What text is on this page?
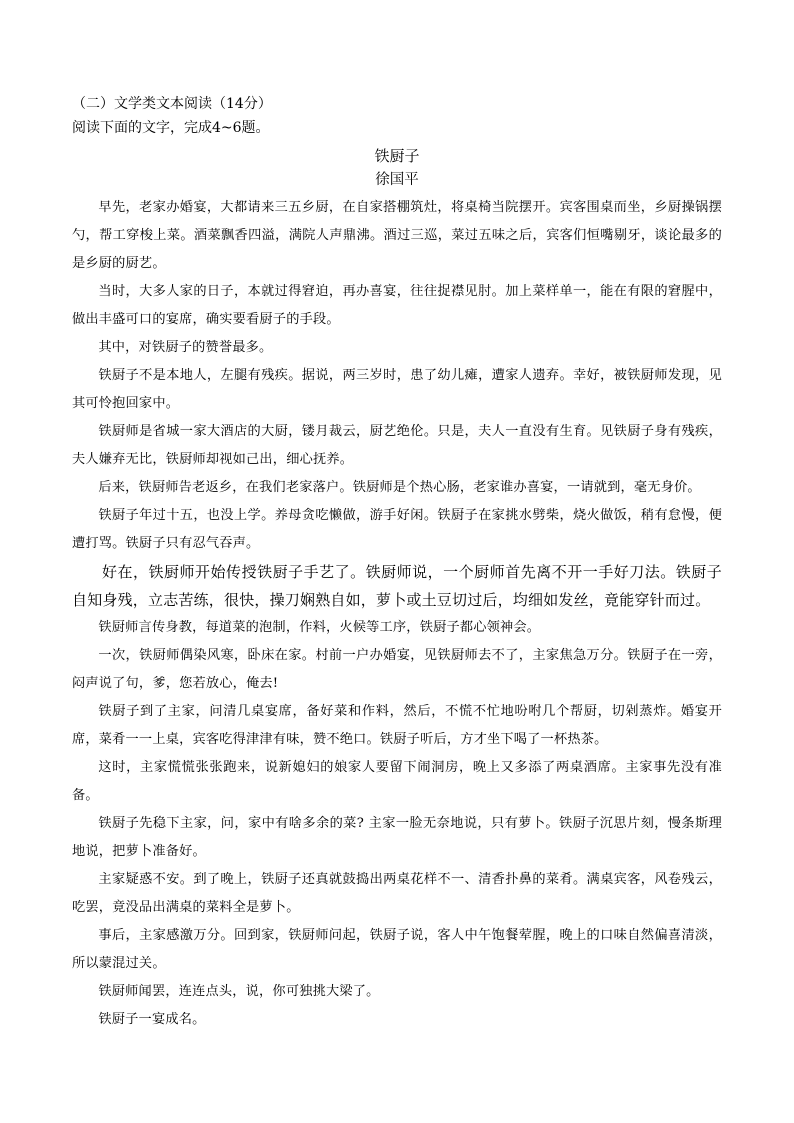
（二）文学类文本阅读（14分）
阅读下面的文字，完成4~6题。
铁厨子
徐国平

早先，老家办婚宴，大都请来三五乡厨，在自家搭棚筑灶，将桌椅当院摆开。宾客围桌而坐，乡厨操锅摆勺，帮工穿梭上菜。酒菜飘香四溢，满院人声鼎沸。酒过三巡，菜过五味之后，宾客们恒嘴剔牙，谈论最多的是乡厨的厨艺。

当时，大多人家的日子，本就过得窘迫，再办喜宴，往往捉襟见肘。加上菜样单一，能在有限的窘腥中，做出丰盛可口的宴席，确实要看厨子的手段。

其中，对铁厨子的赞誉最多。

铁厨子不是本地人，左腿有残疾。据说，两三岁时，患了幼儿瘫，遭家人遗弃。幸好，被铁厨师发现，见其可怜抱回家中。

铁厨师是省城一家大酒店的大厨，镂月裁云，厨艺绝伦。只是，夫人一直没有生育。见铁厨子身有残疾，夫人嫌弃无比，铁厨师却视如己出，细心抚养。

后来，铁厨师告老返乡，在我们老家落户。铁厨师是个热心肠，老家谁办喜宴，一请就到，毫无身价。

铁厨子年过十五，也没上学。养母贪吃懒做，游手好闲。铁厨子在家挑水劈柴，烧火做饭，稍有怠慢，便遭打骂。铁厨子只有忍气吞声。

好在，铁厨师开始传授铁厨子手艺了。铁厨师说，一个厨师首先离不开一手好刀法。铁厨子自知身残，立志苦练，很快，操刀娴熟自如，萝卜或土豆切过后，均细如发丝，竟能穿针而过。

铁厨师言传身教，每道菜的泡制，作料，火候等工序，铁厨子都心领神会。

一次，铁厨师偶染风寒，卧床在家。村前一户办婚宴，见铁厨师去不了，主家焦急万分。铁厨子在一旁，闷声说了句，爹，您若放心，俺去!

铁厨子到了主家，问清几桌宴席，备好菜和作料，然后，不慌不忙地吩咐几个帮厨，切剁蒸炸。婚宴开席，菜肴一一上桌，宾客吃得津津有味，赞不绝口。铁厨子听后，方才坐下喝了一杯热茶。

这时，主家慌慌张张跑来，说新媳妇的娘家人要留下闹洞房，晚上又多添了两桌酒席。主家事先没有准备。

铁厨子先稳下主家，问，家中有啥多余的菜? 主家一脸无奈地说，只有萝卜。铁厨子沉思片刻，慢条斯理地说，把萝卜准备好。

主家疑惑不安。到了晚上，铁厨子还真就鼓捣出两桌花样不一、清香扑鼻的菜肴。满桌宾客，风卷残云，吃罢，竟没品出满桌的菜料全是萝卜。

事后，主家感激万分。回到家，铁厨师问起，铁厨子说，客人中午饱餐荤腥，晚上的口味自然偏喜清淡，所以蒙混过关。

铁厨师闻罢，连连点头，说，你可独挑大梁了。

铁厨子一宴成名。
